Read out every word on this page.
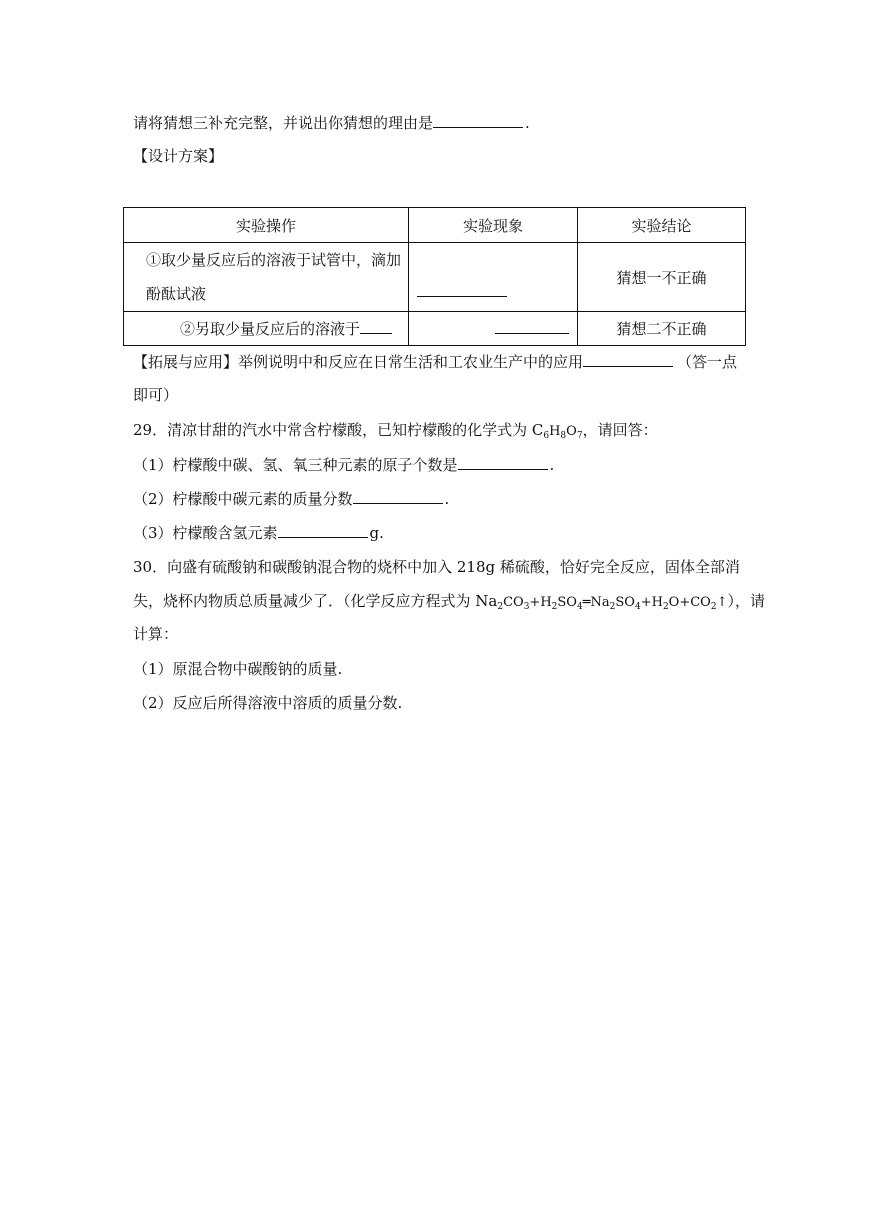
请将猜想三补充完整，并说出你猜想的理由是	.
【设计方案】
实验操作	实验现象	实验结论

①取少量反应后的溶液于试管中，滴加
酚酞试液		猜想一不正确
②另取少量反应后的溶液于		猜想二不正确
【拓展与应用】举例说明中和反应在日常生活和工农业生产中的应用	（答一点
即可）
29．清凉甘甜的汽水中常含柠檬酸，已知柠檬酸的化学式为 $C_6H_8O_7$，请回答：
（1）柠檬酸中碳、氢、氧三种元素的原子个数是	.
（2）柠檬酸中碳元素的质量分数	.
（3）柠檬酸含氢元素	g.
30．向盛有硫酸钠和碳酸钠混合物的烧杯中加入 218g 稀硫酸，恰好完全反应，固体全部消
失，烧杯内物质总质量减少了．（化学反应方程式为 $Na_2CO_3+H_2SO_4═Na_2SO_4+H_2O+CO_2↑$），请
计算：
（1）原混合物中碳酸钠的质量.
（2）反应后所得溶液中溶质的质量分数.
